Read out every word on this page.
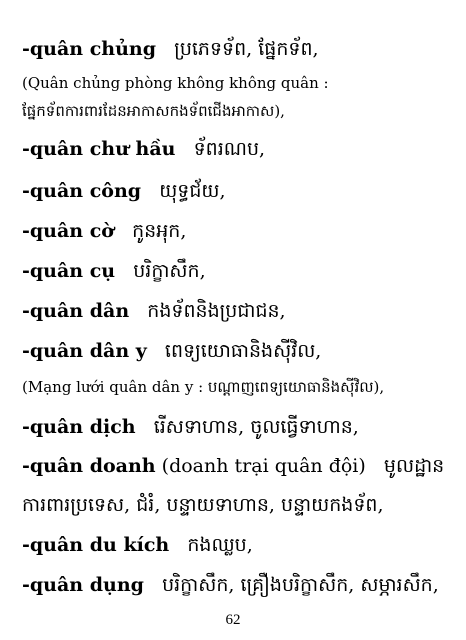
-quân chủng ប្រភេទទ័ព, ផ្នែកទ័ព,
(Quân chủng phòng không không quân :
ផ្នែកទ័ពការពារដែនអាកាសកងទ័ពជើងអាកាស),
-quân chư hầu ទ័ពរណប,
-quân công យុទ្ធជ័យ,
-quân cờ កូនអុក,
-quân cụ បរិក្ខាសឹក,
-quân dân កងទ័ពនិងប្រជាជន,
-quân dân y ពេទ្យយោធានិងស៊ីវិល,
(Mạng lưới quân dân y : បណ្ដាញពេទ្យយោធានិងស៊ីវិល),
-quân dịch រើសទាហាន, ចូលធ្វើទាហាន,
-quân doanh (doanh trại quân đội) មូលដ្ឋាន
ការពារប្រទេស, ជំរំ, បន្ទាយទាហាន, បន្ទាយកងទ័ព,
-quân du kích កងឈ្លប,
-quân dụng បរិក្ខាសឹក, គ្រឿងបរិក្ខាសឹក, សម្ភារសឹក,
62
